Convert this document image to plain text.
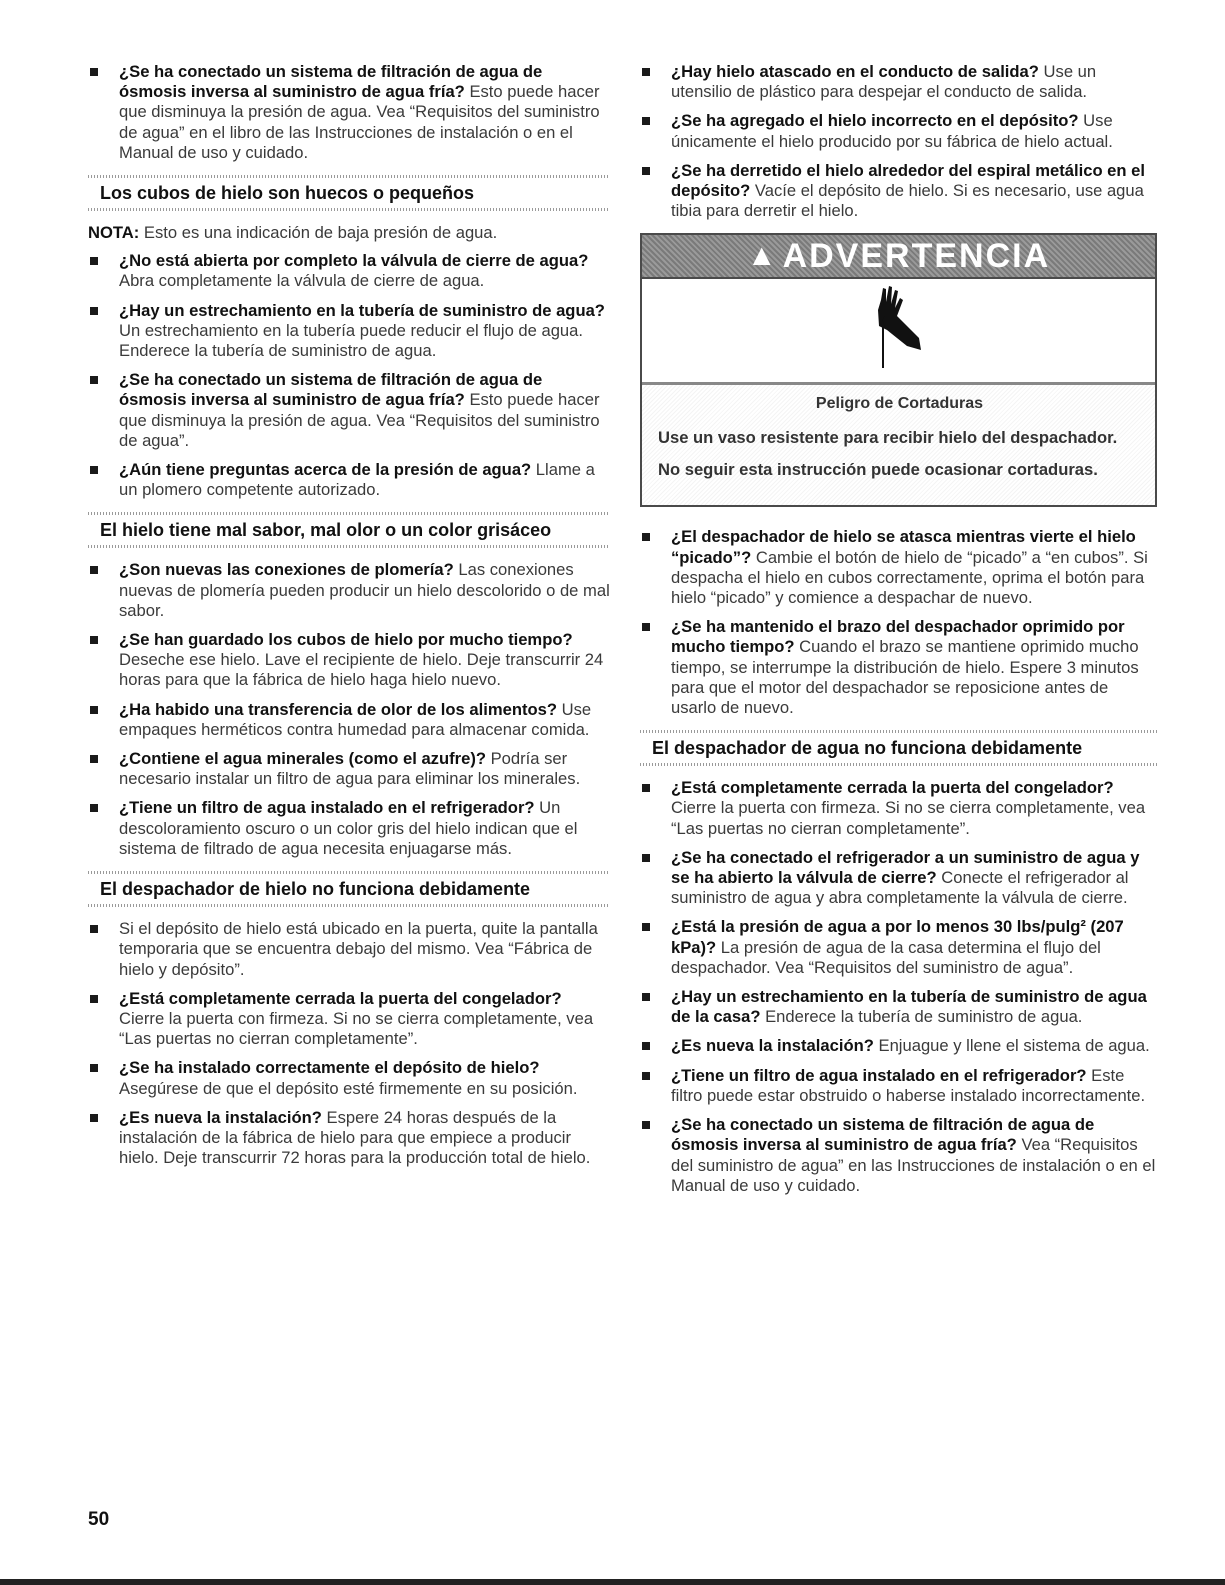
¿Se ha conectado un sistema de filtración de agua de ósmosis inversa al suministro de agua fría? Esto puede hacer que disminuya la presión de agua. Vea “Requisitos del suministro de agua” en el libro de las Instrucciones de instalación o en el Manual de uso y cuidado.
Los cubos de hielo son huecos o pequeños
NOTA: Esto es una indicación de baja presión de agua.
¿No está abierta por completo la válvula de cierre de agua? Abra completamente la válvula de cierre de agua.
¿Hay un estrechamiento en la tubería de suministro de agua? Un estrechamiento en la tubería puede reducir el flujo de agua. Enderece la tubería de suministro de agua.
¿Se ha conectado un sistema de filtración de agua de ósmosis inversa al suministro de agua fría? Esto puede hacer que disminuya la presión de agua. Vea “Requisitos del suministro de agua”.
¿Aún tiene preguntas acerca de la presión de agua? Llame a un plomero competente autorizado.
El hielo tiene mal sabor, mal olor o un color grisáceo
¿Son nuevas las conexiones de plomería? Las conexiones nuevas de plomería pueden producir un hielo descolorido o de mal sabor.
¿Se han guardado los cubos de hielo por mucho tiempo? Deseche ese hielo. Lave el recipiente de hielo. Deje transcurrir 24 horas para que la fábrica de hielo haga hielo nuevo.
¿Ha habido una transferencia de olor de los alimentos? Use empaques herméticos contra humedad para almacenar comida.
¿Contiene el agua minerales (como el azufre)? Podría ser necesario instalar un filtro de agua para eliminar los minerales.
¿Tiene un filtro de agua instalado en el refrigerador? Un descoloramiento oscuro o un color gris del hielo indican que el sistema de filtrado de agua necesita enjuagarse más.
El despachador de hielo no funciona debidamente
Si el depósito de hielo está ubicado en la puerta, quite la pantalla temporaria que se encuentra debajo del mismo. Vea “Fábrica de hielo y depósito”.
¿Está completamente cerrada la puerta del congelador? Cierre la puerta con firmeza. Si no se cierra completamente, vea “Las puertas no cierran completamente”.
¿Se ha instalado correctamente el depósito de hielo? Asegúrese de que el depósito esté firmemente en su posición.
¿Es nueva la instalación? Espere 24 horas después de la instalación de la fábrica de hielo para que empiece a producir hielo. Deje transcurrir 72 horas para la producción total de hielo.
¿Hay hielo atascado en el conducto de salida? Use un utensilio de plástico para despejar el conducto de salida.
¿Se ha agregado el hielo incorrecto en el depósito? Use únicamente el hielo producido por su fábrica de hielo actual.
¿Se ha derretido el hielo alrededor del espiral metálico en el depósito? Vacíe el depósito de hielo. Si es necesario, use agua tibia para derretir el hielo.
▲ ADVERTENCIA
Peligro de Cortaduras
Use un vaso resistente para recibir hielo del despachador.
No seguir esta instrucción puede ocasionar cortaduras.
¿El despachador de hielo se atasca mientras vierte el hielo “picado”? Cambie el botón de hielo de “picado” a “en cubos”. Si despacha el hielo en cubos correctamente, oprima el botón para hielo “picado” y comience a despachar de nuevo.
¿Se ha mantenido el brazo del despachador oprimido por mucho tiempo? Cuando el brazo se mantiene oprimido mucho tiempo, se interrumpe la distribución de hielo. Espere 3 minutos para que el motor del despachador se reposicione antes de usarlo de nuevo.
El despachador de agua no funciona debidamente
¿Está completamente cerrada la puerta del congelador? Cierre la puerta con firmeza. Si no se cierra completamente, vea “Las puertas no cierran completamente”.
¿Se ha conectado el refrigerador a un suministro de agua y se ha abierto la válvula de cierre? Conecte el refrigerador al suministro de agua y abra completamente la válvula de cierre.
¿Está la presión de agua a por lo menos 30 lbs/pulg² (207 kPa)? La presión de agua de la casa determina el flujo del despachador. Vea “Requisitos del suministro de agua”.
¿Hay un estrechamiento en la tubería de suministro de agua de la casa? Enderece la tubería de suministro de agua.
¿Es nueva la instalación? Enjuague y llene el sistema de agua.
¿Tiene un filtro de agua instalado en el refrigerador? Este filtro puede estar obstruido o haberse instalado incorrectamente.
¿Se ha conectado un sistema de filtración de agua de ósmosis inversa al suministro de agua fría? Vea “Requisitos del suministro de agua” en las Instrucciones de instalación o en el Manual de uso y cuidado.
50
